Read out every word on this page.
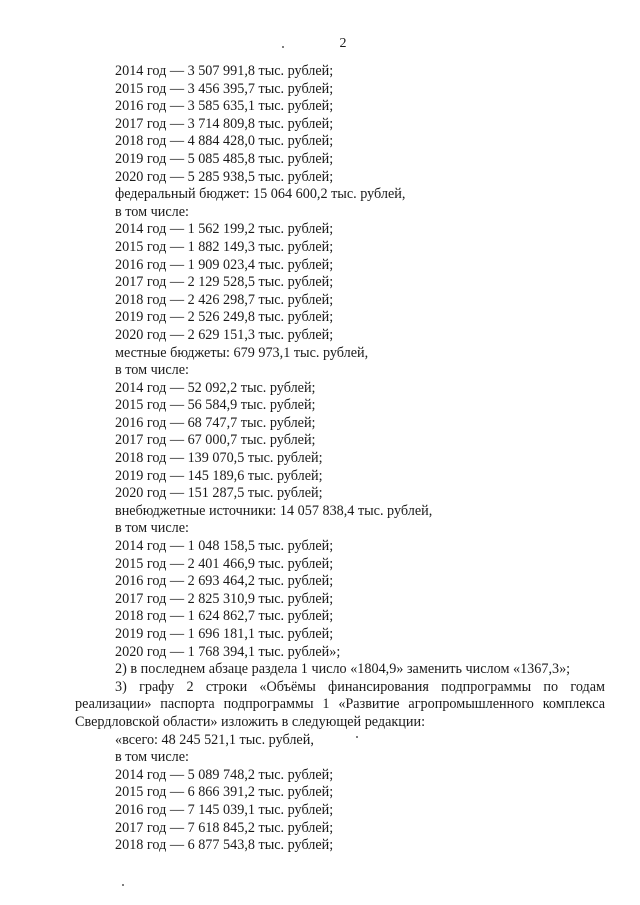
2
2014 год — 3 507 991,8 тыс. рублей;
2015 год — 3 456 395,7 тыс. рублей;
2016 год — 3 585 635,1 тыс. рублей;
2017 год — 3 714 809,8 тыс. рублей;
2018 год — 4 884 428,0 тыс. рублей;
2019 год — 5 085 485,8 тыс. рублей;
2020 год — 5 285 938,5 тыс. рублей;
федеральный бюджет: 15 064 600,2 тыс. рублей,
в том числе:
2014 год — 1 562 199,2 тыс. рублей;
2015 год — 1 882 149,3 тыс. рублей;
2016 год — 1 909 023,4 тыс. рублей;
2017 год — 2 129 528,5 тыс. рублей;
2018 год — 2 426 298,7 тыс. рублей;
2019 год — 2 526 249,8 тыс. рублей;
2020 год — 2 629 151,3 тыс. рублей;
местные бюджеты: 679 973,1 тыс. рублей,
в том числе:
2014 год — 52 092,2 тыс. рублей;
2015 год — 56 584,9 тыс. рублей;
2016 год — 68 747,7 тыс. рублей;
2017 год — 67 000,7 тыс. рублей;
2018 год — 139 070,5 тыс. рублей;
2019 год — 145 189,6 тыс. рублей;
2020 год — 151 287,5 тыс. рублей;
внебюджетные источники: 14 057 838,4 тыс. рублей,
в том числе:
2014 год — 1 048 158,5 тыс. рублей;
2015 год — 2 401 466,9 тыс. рублей;
2016 год — 2 693 464,2 тыс. рублей;
2017 год — 2 825 310,9 тыс. рублей;
2018 год — 1 624 862,7 тыс. рублей;
2019 год — 1 696 181,1 тыс. рублей;
2020 год — 1 768 394,1 тыс. рублей»;
2) в последнем абзаце раздела 1 число «1804,9» заменить числом «1367,3»;
3) графу 2 строки «Объёмы финансирования подпрограммы по годам
реализации» паспорта подпрограммы 1 «Развитие агропромышленного комплекса
Свердловской области» изложить в следующей редакции:
«всего: 48 245 521,1 тыс. рублей,
в том числе:
2014 год — 5 089 748,2 тыс. рублей;
2015 год — 6 866 391,2 тыс. рублей;
2016 год — 7 145 039,1 тыс. рублей;
2017 год — 7 618 845,2 тыс. рублей;
2018 год — 6 877 543,8 тыс. рублей;
